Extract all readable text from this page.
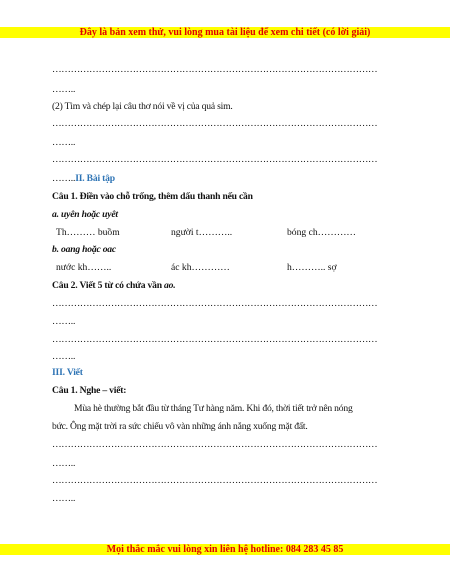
Đây là bản xem thử, vui lòng mua tài liệu để xem chi tiết (có lời giải)
……………………………………………………………………………………………
……..
(2) Tìm và chép lại câu thơ nói về vị của quả sim.
……………………………………………………………………………………………
……..
……………………………………………………………………………………………
……..II. Bài tập
Câu 1. Điền vào chỗ trống, thêm dấu thanh nếu cần
a. uyên hoặc uyêt
Th……… buồm	người t………..	bóng ch…………
b. oang hoặc oac
nước kh……..	ác kh…………	h……….. sợ
Câu 2. Viết 5 từ có chứa vần ao.
……………………………………………………………………………………………
……..
……………………………………………………………………………………………
……..
III. Viết
Câu 1. Nghe – viết:
Mùa hè thường bắt đầu từ tháng Tư hàng năm. Khi đó, thời tiết trở nên nóng
bức. Ông mặt trời ra sức chiếu vô vàn những ánh nắng xuống mặt đất.
……………………………………………………………………………………………
……..
……………………………………………………………………………………………
……..
Mọi thắc mắc vui lòng xin liên hệ hotline: 084 283 45 85
